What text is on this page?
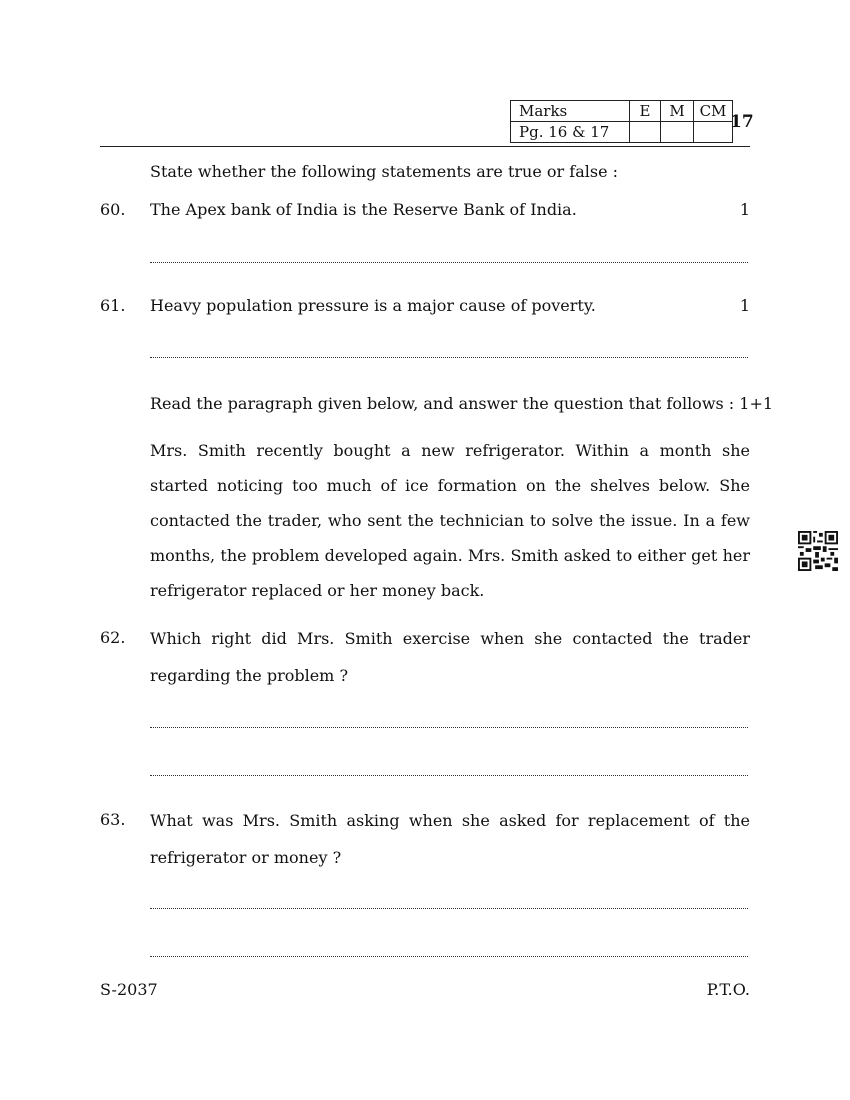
Marks	E	M	CM
Pg. 16 & 17				17
State whether the following statements are true or false :
60. The Apex bank of India is the Reserve Bank of India.	1
61. Heavy population pressure is a major cause of poverty.	1
Read the paragraph given below, and answer the question that follows : 1+1
Mrs. Smith recently bought a new refrigerator. Within a month she started noticing too much of ice formation on the shelves below. She contacted the trader, who sent the technician to solve the issue. In a few months, the problem developed again. Mrs. Smith asked to either get her refrigerator replaced or her money back.
62. Which right did Mrs. Smith exercise when she contacted the trader regarding the problem ?
63. What was Mrs. Smith asking when she asked for replacement of the refrigerator or money ?
S-2037	P.T.O.
